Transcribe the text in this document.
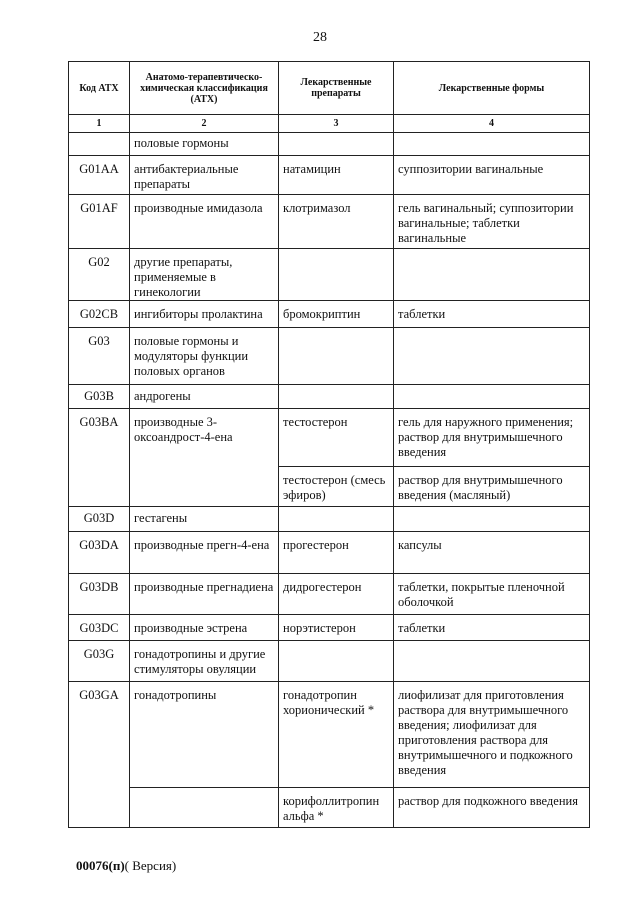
28
Код АТХ	Анатомо-терапевтическо-химическая классификация (АТХ)	Лекарственные препараты	Лекарственные формы
1	2	3	4
	половые гормоны		
G01AA	антибактериальные препараты	натамицин	суппозитории вагинальные
G01AF	производные имидазола	клотримазол	гель вагинальный; суппозитории вагинальные; таблетки вагинальные
G02	другие препараты, применяемые в гинекологии		
G02CB	ингибиторы пролактина	бромокриптин	таблетки
G03	половые гормоны и модуляторы функции половых органов		
G03B	андрогены		
G03BA	производные 3-оксоандрост-4-ена	тестостерон	гель для наружного применения; раствор для внутримышечного введения
		тестостерон (смесь эфиров)	раствор для внутримышечного введения (масляный)
G03D	гестагены		
G03DA	производные прегн-4-ена	прогестерон	капсулы
G03DB	производные прегнадиена	дидрогестерон	таблетки, покрытые пленочной оболочкой
G03DC	производные эстрена	норэтистерон	таблетки
G03G	гонадотропины и другие стимуляторы овуляции		
G03GA	гонадотропины	гонадотропин хорионический *	лиофилизат для приготовления раствора для внутримышечного введения; лиофилизат для приготовления раствора для внутримышечного и подкожного введения
		корифоллитропин альфа *	раствор для подкожного введения
00076(п)( Версия)
